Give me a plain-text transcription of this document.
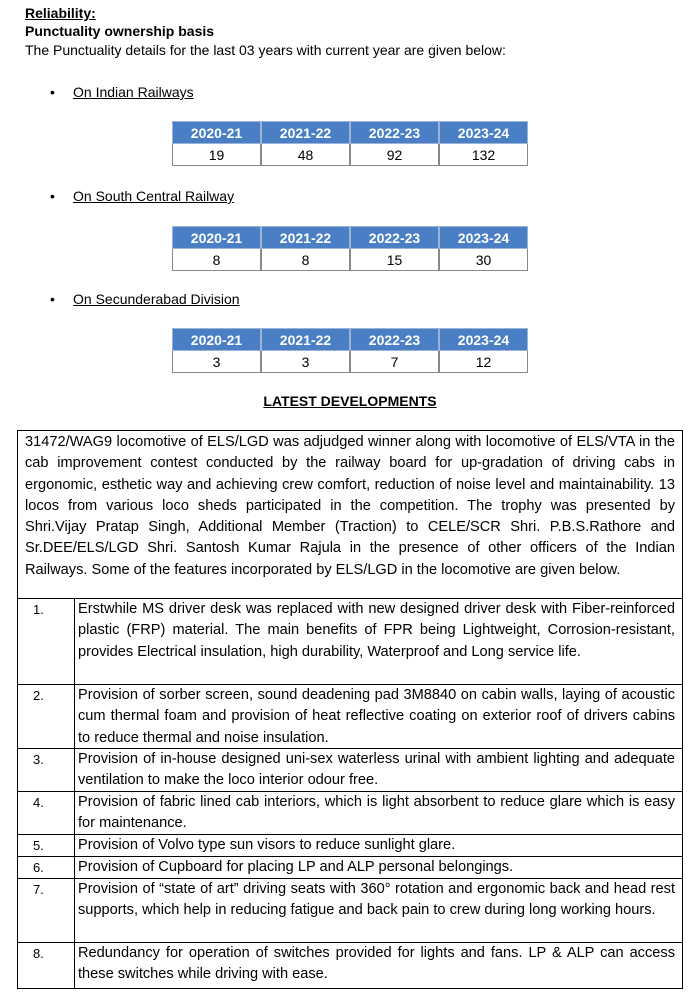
Reliability:
Punctuality ownership basis
The Punctuality details for the last 03 years with current year are given below:
• On Indian Railways
2020-21	2021-22	2022-23	2023-24
19	48	92	132
• On South Central Railway
2020-21	2021-22	2022-23	2023-24
8	8	15	30
• On Secunderabad Division
2020-21	2021-22	2022-23	2023-24
3	3	7	12
LATEST DEVELOPMENTS
31472/WAG9 locomotive of ELS/LGD was adjudged winner along with locomotive of ELS/VTA in the cab improvement contest conducted by the railway board for up-gradation of driving cabs in ergonomic, esthetic way and achieving crew comfort, reduction of noise level and maintainability. 13 locos from various loco sheds participated in the competition. The trophy was presented by Shri.Vijay Pratap Singh, Additional Member (Traction) to CELE/SCR Shri. P.B.S.Rathore and Sr.DEE/ELS/LGD Shri. Santosh Kumar Rajula in the presence of other officers of the Indian Railways. Some of the features incorporated by ELS/LGD in the locomotive are given below.
1.	Erstwhile MS driver desk was replaced with new designed driver desk with Fiber-reinforced plastic (FRP) material. The main benefits of FPR being Lightweight, Corrosion-resistant, provides Electrical insulation, high durability, Waterproof and Long service life.
2.	Provision of sorber screen, sound deadening pad 3M8840 on cabin walls, laying of acoustic cum thermal foam and provision of heat reflective coating on exterior roof of drivers cabins to reduce thermal and noise insulation.
3.	Provision of in-house designed uni-sex waterless urinal with ambient lighting and adequate ventilation to make the loco interior odour free.
4.	Provision of fabric lined cab interiors, which is light absorbent to reduce glare which is easy for maintenance.
5.	Provision of Volvo type sun visors to reduce sunlight glare.
6.	Provision of Cupboard for placing LP and ALP personal belongings.
7.	Provision of “state of art” driving seats with 360° rotation and ergonomic back and head rest supports, which help in reducing fatigue and back pain to crew during long working hours.
8.	Redundancy for operation of switches provided for lights and fans. LP & ALP can access these switches while driving with ease.
